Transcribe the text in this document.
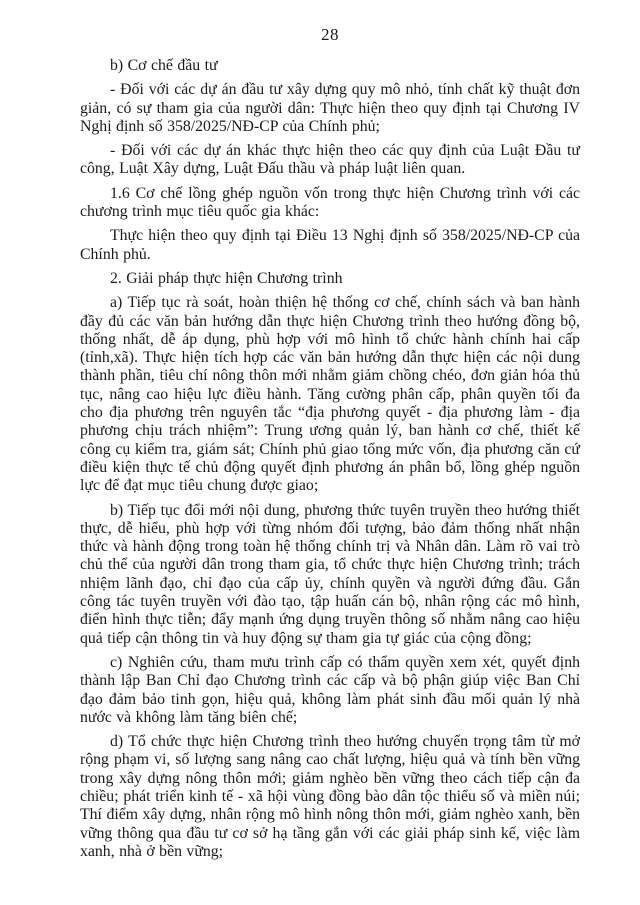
28

b) Cơ chế đầu tư

- Đối với các dự án đầu tư xây dựng quy mô nhỏ, tính chất kỹ thuật đơn giản, có sự tham gia của người dân: Thực hiện theo quy định tại Chương IV Nghị định số 358/2025/NĐ-CP của Chính phủ;

- Đối với các dự án khác thực hiện theo các quy định của Luật Đầu tư công, Luật Xây dựng, Luật Đấu thầu và pháp luật liên quan.

1.6 Cơ chế lồng ghép nguồn vốn trong thực hiện Chương trình với các chương trình mục tiêu quốc gia khác:

Thực hiện theo quy định tại Điều 13 Nghị định số 358/2025/NĐ-CP của Chính phủ.

2. Giải pháp thực hiện Chương trình

a) Tiếp tục rà soát, hoàn thiện hệ thống cơ chế, chính sách và ban hành đầy đủ các văn bản hướng dẫn thực hiện Chương trình theo hướng đồng bộ, thống nhất, dễ áp dụng, phù hợp với mô hình tổ chức hành chính hai cấp (tỉnh,xã). Thực hiện tích hợp các văn bản hướng dẫn thực hiện các nội dung thành phần, tiêu chí nông thôn mới nhằm giảm chồng chéo, đơn giản hóa thủ tục, nâng cao hiệu lực điều hành. Tăng cường phân cấp, phân quyền tối đa cho địa phương trên nguyên tắc “địa phương quyết - địa phương làm - địa phương chịu trách nhiệm”: Trung ương quản lý, ban hành cơ chế, thiết kế công cụ kiểm tra, giám sát; Chính phủ giao tổng mức vốn, địa phương căn cứ điều kiện thực tế chủ động quyết định phương án phân bổ, lồng ghép nguồn lực để đạt mục tiêu chung được giao;

b) Tiếp tục đổi mới nội dung, phương thức tuyên truyền theo hướng thiết thực, dễ hiểu, phù hợp với từng nhóm đối tượng, bảo đảm thống nhất nhận thức và hành động trong toàn hệ thống chính trị và Nhân dân. Làm rõ vai trò chủ thể của người dân trong tham gia, tổ chức thực hiện Chương trình; trách nhiệm lãnh đạo, chỉ đạo của cấp ủy, chính quyền và người đứng đầu. Gắn công tác tuyên truyền với đào tạo, tập huấn cán bộ, nhân rộng các mô hình, điển hình thực tiễn; đẩy mạnh ứng dụng truyền thông số nhằm nâng cao hiệu quả tiếp cận thông tin và huy động sự tham gia tự giác của cộng đồng;

c) Nghiên cứu, tham mưu trình cấp có thẩm quyền xem xét, quyết định thành lập Ban Chỉ đạo Chương trình các cấp và bộ phận giúp việc Ban Chỉ đạo đảm bảo tinh gọn, hiệu quả, không làm phát sinh đầu mối quản lý nhà nước và không làm tăng biên chế;

d) Tổ chức thực hiện Chương trình theo hướng chuyển trọng tâm từ mở rộng phạm vi, số lượng sang nâng cao chất lượng, hiệu quả và tính bền vững trong xây dựng nông thôn mới; giảm nghèo bền vững theo cách tiếp cận đa chiều; phát triển kinh tế - xã hội vùng đồng bào dân tộc thiểu số và miền núi; Thí điểm xây dựng, nhân rộng mô hình nông thôn mới, giảm nghèo xanh, bền vững thông qua đầu tư cơ sở hạ tầng gắn với các giải pháp sinh kế, việc làm xanh, nhà ở bền vững;
